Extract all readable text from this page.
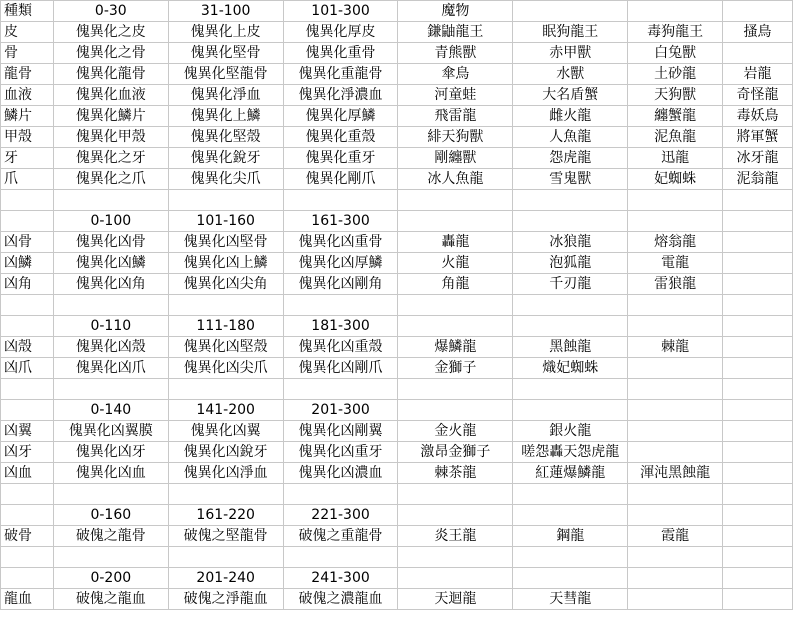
種類	0-30	31-100	101-300	魔物			
皮	傀異化之皮	傀異化上皮	傀異化厚皮	鎌鼬龍王	眠狗龍王	毒狗龍王	搔鳥
骨	傀異化之骨	傀異化堅骨	傀異化重骨	青熊獸	赤甲獸	白兔獸	
龍骨	傀異化龍骨	傀異化堅龍骨	傀異化重龍骨	傘鳥	水獸	土砂龍	岩龍
血液	傀異化血液	傀異化淨血	傀異化淨濃血	河童蛙	大名盾蟹	天狗獸	奇怪龍
鱗片	傀異化鱗片	傀異化上鱗	傀異化厚鱗	飛雷龍	雌火龍	纏蟹龍	毒妖鳥
甲殼	傀異化甲殼	傀異化堅殼	傀異化重殼	緋天狗獸	人魚龍	泥魚龍	將軍蟹
牙	傀異化之牙	傀異化銳牙	傀異化重牙	剛纏獸	怨虎龍	迅龍	冰牙龍
爪	傀異化之爪	傀異化尖爪	傀異化剛爪	冰人魚龍	雪鬼獸	妃蜘蛛	泥翁龍

	0-100	101-160	161-300				
凶骨	傀異化凶骨	傀異化凶堅骨	傀異化凶重骨	轟龍	冰狼龍	熔翁龍	
凶鱗	傀異化凶鱗	傀異化凶上鱗	傀異化凶厚鱗	火龍	泡狐龍	電龍	
凶角	傀異化凶角	傀異化凶尖角	傀異化凶剛角	角龍	千刃龍	雷狼龍	

	0-110	111-180	181-300				
凶殼	傀異化凶殼	傀異化凶堅殼	傀異化凶重殼	爆鱗龍	黑蝕龍	棘龍	
凶爪	傀異化凶爪	傀異化凶尖爪	傀異化凶剛爪	金獅子	熾妃蜘蛛		

	0-140	141-200	201-300				
凶翼	傀異化凶翼膜	傀異化凶翼	傀異化凶剛翼	金火龍	銀火龍		
凶牙	傀異化凶牙	傀異化凶銳牙	傀異化凶重牙	激昂金獅子	嗟怨轟天怨虎龍		
凶血	傀異化凶血	傀異化凶淨血	傀異化凶濃血	棘茶龍	紅蓮爆鱗龍	渾沌黑蝕龍	

	0-160	161-220	221-300				
破骨	破傀之龍骨	破傀之堅龍骨	破傀之重龍骨	炎王龍	鋼龍	霞龍	

	0-200	201-240	241-300				
龍血	破傀之龍血	破傀之淨龍血	破傀之濃龍血	天迴龍	天彗龍		
